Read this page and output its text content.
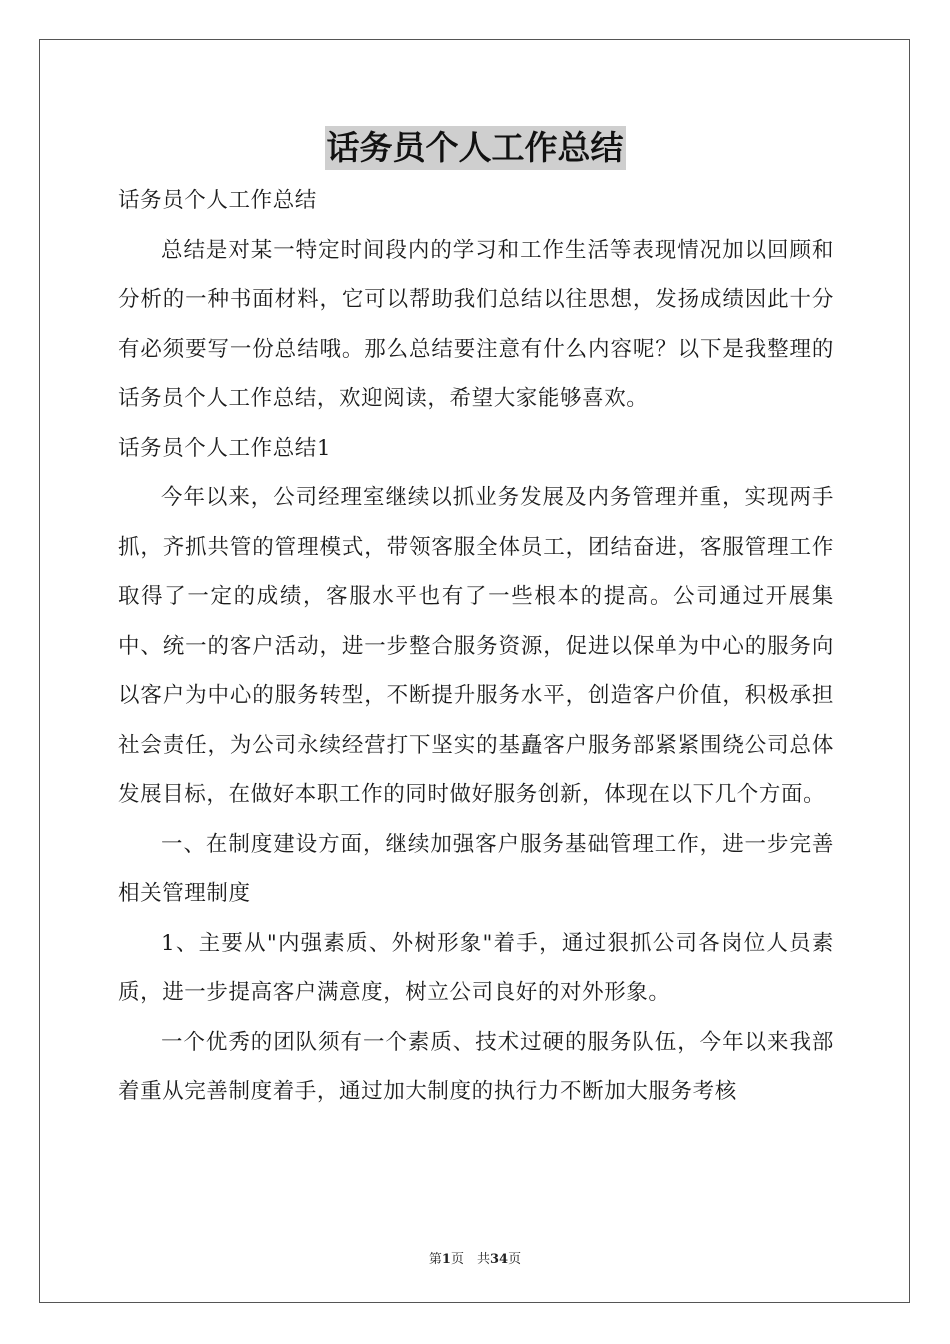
话务员个人工作总结

话务员个人工作总结

总结是对某一特定时间段内的学习和工作生活等表现情况加以回顾和分析的一种书面材料，它可以帮助我们总结以往思想，发扬成绩因此十分有必须要写一份总结哦。那么总结要注意有什么内容呢？以下是我整理的话务员个人工作总结，欢迎阅读，希望大家能够喜欢。

话务员个人工作总结1

今年以来，公司经理室继续以抓业务发展及内务管理并重，实现两手抓，齐抓共管的管理模式，带领客服全体员工，团结奋进，客服管理工作取得了一定的成绩，客服水平也有了一些根本的提高。公司通过开展集中、统一的客户活动，进一步整合服务资源，促进以保单为中心的服务向以客户为中心的服务转型，不断提升服务水平，创造客户价值，积极承担社会责任，为公司永续经营打下坚实的基矗客户服务部紧紧围绕公司总体发展目标，在做好本职工作的同时做好服务创新，体现在以下几个方面。

一、在制度建设方面，继续加强客户服务基础管理工作，进一步完善相关管理制度

1、主要从"内强素质、外树形象"着手，通过狠抓公司各岗位人员素质，进一步提高客户满意度，树立公司良好的对外形象。

一个优秀的团队须有一个素质、技术过硬的服务队伍，今年以来我部着重从完善制度着手，通过加大制度的执行力不断加大服务考核

第1页　共34页
